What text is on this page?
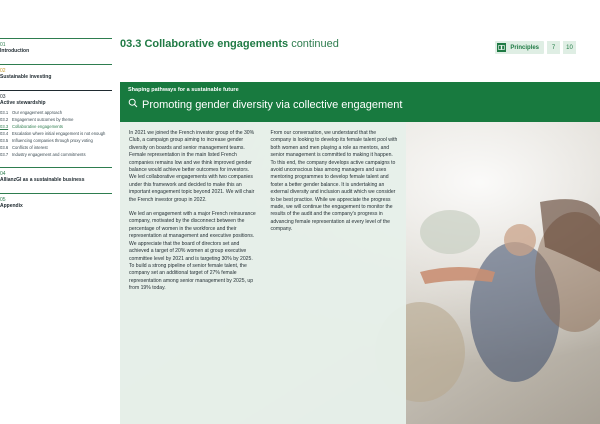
01
Introduction
02
Sustainable investing
03
Active stewardship
03.1 Our engagement approach
03.2 Engagement outcomes by theme
03.3 Collaborative engagements
03.4 Escalation where initial engagement is not enough
03.5 Influencing companies through proxy voting
03.6 Conflicts of interest
03.7 Industry engagement and commitments
04
AllianzGI as a sustainable business
05
Appendix
03.3 Collaborative engagements continued	Principles	7	10
Shaping pathways for a sustainable future
Promoting gender diversity via collective engagement

In 2021 we joined the French investor group of the 30% Club, a campaign group aiming to increase gender diversity on boards and senior management teams. Female representation in the main listed French companies remains low and we think improved gender balance would achieve better outcomes for investors. We led collaborative engagements with two companies under this framework and decided to make this an important engagement topic beyond 2021. We will chair the French investor group in 2022.

We led an engagement with a major French reinsurance company, motivated by the disconnect between the percentage of women in the workforce and their representation at management and executive positions. We appreciate that the board of directors set and achieved a target of 20% women at group executive committee level by 2021 and is targeting 30% by 2025. To build a strong pipeline of senior female talent, the company set an additional target of 27% female representation among senior management by 2025, up from 19% today.

From our conversation, we understand that the company is looking to develop its female talent pool with both women and men playing a role as mentors, and senior management is committed to making it happen. To this end, the company develops active campaigns to avoid unconscious bias among managers and uses mentoring programmes to develop female talent and foster a better gender balance. It is undertaking an external diversity and inclusion audit which we consider to be best practice. While we appreciate the progress made, we will continue the engagement to monitor the results of the audit and the company's progress in advancing female representation at every level of the company.
